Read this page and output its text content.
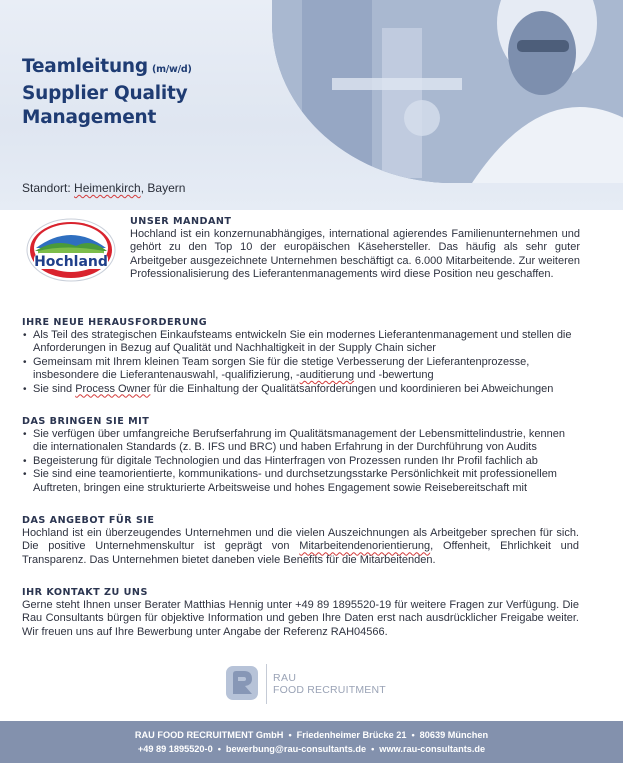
Teamleitung (m/w/d)
Supplier Quality
Management
Standort: Heimenkirch, Bayern
Hochland
UNSER MANDANT

Hochland ist ein konzernunabhängiges, international agierendes Familienunternehmen und gehört zu den Top 10 der europäischen Käsehersteller. Das häufig als sehr guter Arbeitgeber ausgezeichnete Unternehmen beschäftigt ca. 6.000 Mitarbeitende. Zur weiteren Professionalisierung des Lieferantenmanagements wird diese Position neu geschaffen.

IHRE NEUE HERAUSFORDERUNG
• Als Teil des strategischen Einkaufsteams entwickeln Sie ein modernes Lieferantenmanagement und stellen die Anforderungen in Bezug auf Qualität und Nachhaltigkeit in der Supply Chain sicher
• Gemeinsam mit Ihrem kleinen Team sorgen Sie für die stetige Verbesserung der Lieferantenprozesse, insbesondere die Lieferantenauswahl, -qualifizierung, -auditierung und -bewertung
• Sie sind Process Owner für die Einhaltung der Qualitätsanforderungen und koordinieren bei Abweichungen
DAS BRINGEN SIE MIT
• Sie verfügen über umfangreiche Berufserfahrung im Qualitätsmanagement der Lebensmittelindustrie, kennen die internationalen Standards (z. B. IFS und BRC) und haben Erfahrung in der Durchführung von Audits
• Begeisterung für digitale Technologien und das Hinterfragen von Prozessen runden Ihr Profil fachlich ab
• Sie sind eine teamorientierte, kommunikations- und durchsetzungsstarke Persönlichkeit mit professionellem Auftreten, bringen eine strukturierte Arbeitsweise und hohes Engagement sowie Reisebereitschaft mit
DAS ANGEBOT FÜR SIE

Hochland ist ein überzeugendes Unternehmen und die vielen Auszeichnungen als Arbeitgeber sprechen für sich. Die positive Unternehmenskultur ist geprägt von Mitarbeitendenorientierung, Offenheit, Ehrlichkeit und Transparenz. Das Unternehmen bietet daneben viele Benefits für die Mitarbeitenden.

IHR KONTAKT ZU UNS

Gerne steht Ihnen unser Berater Matthias Hennig unter +49 89 1895520-19 für weitere Fragen zur Verfügung. Die Rau Consultants bürgen für objektive Information und geben Ihre Daten erst nach ausdrücklicher Freigabe weiter. Wir freuen uns auf Ihre Bewerbung unter Angabe der Referenz RAH04566.

RAU
FOOD RECRUITMENT
RAU FOOD RECRUITMENT GmbH • Friedenheimer Brücke 21 • 80639 München
+49 89 1895520-0 • bewerbung@rau-consultants.de • www.rau-consultants.de
